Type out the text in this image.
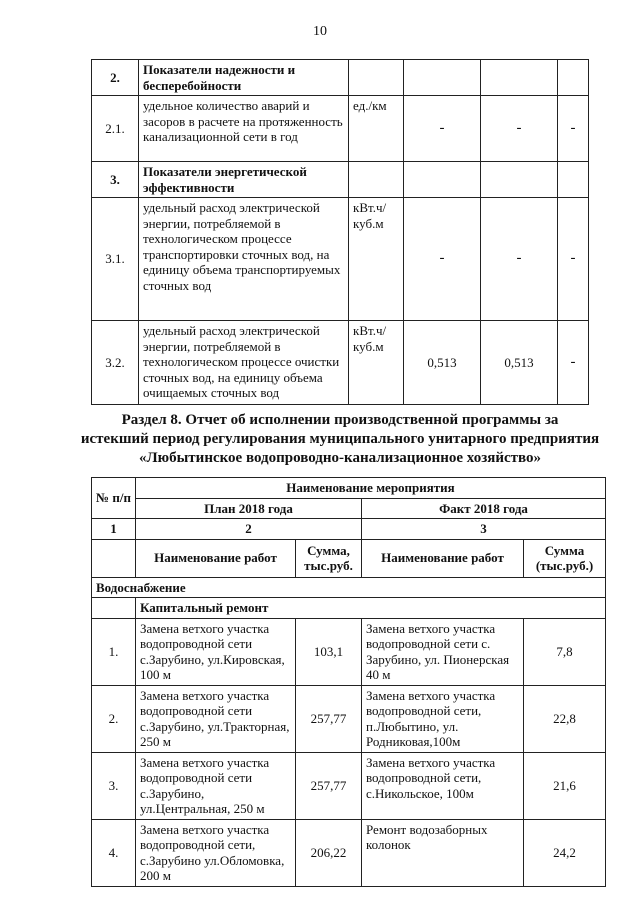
10
2.	Показатели надежности и бесперебойности				
2.1.	удельное количество аварий и засоров в расчете на протяженность канализационной сети в год	ед./км	-	-	-
3.	Показатели энергетической эффективности				
3.1.	удельный расход электрической энергии, потребляемой в технологическом процессе транспортировки сточных вод, на единицу объема транспортируемых сточных вод	кВт.ч/куб.м	-	-	-
3.2.	удельный расход электрической энергии, потребляемой в технологическом процессе очистки сточных вод, на единицу объема очищаемых сточных вод	кВт.ч/куб.м	0,513	0,513	-
Раздел 8. Отчет об исполнении производственной программы за
истекший период регулирования муниципального унитарного предприятия
«Любытинское водопроводно-канализационное хозяйство»
№ п/п	Наименование мероприятия			
	План 2018 года		Факт 2018 года	
1	2		3	
	Наименование работ	Сумма, тыс.руб.	Наименование работ	Сумма (тыс.руб.)
Водоснабжение				
	Капитальный ремонт			
1.	Замена ветхого участка водопроводной сети с.Зарубино, ул.Кировская, 100 м	103,1	Замена ветхого участка водопроводной сети с. Зарубино, ул. Пионерская 40 м	7,8
2.	Замена ветхого участка водопроводной сети с.Зарубино, ул.Тракторная, 250 м	257,77	Замена ветхого участка водопроводной сети, п.Любытино, ул. Родниковая,100м	22,8
3.	Замена ветхого участка водопроводной сети с.Зарубино, ул.Центральная, 250 м	257,77	Замена ветхого участка водопроводной сети, с.Никольское, 100м	21,6
4.	Замена ветхого участка водопроводной сети, с.Зарубино ул.Обломовка, 200 м	206,22	Ремонт водозаборных колонок	24,2
